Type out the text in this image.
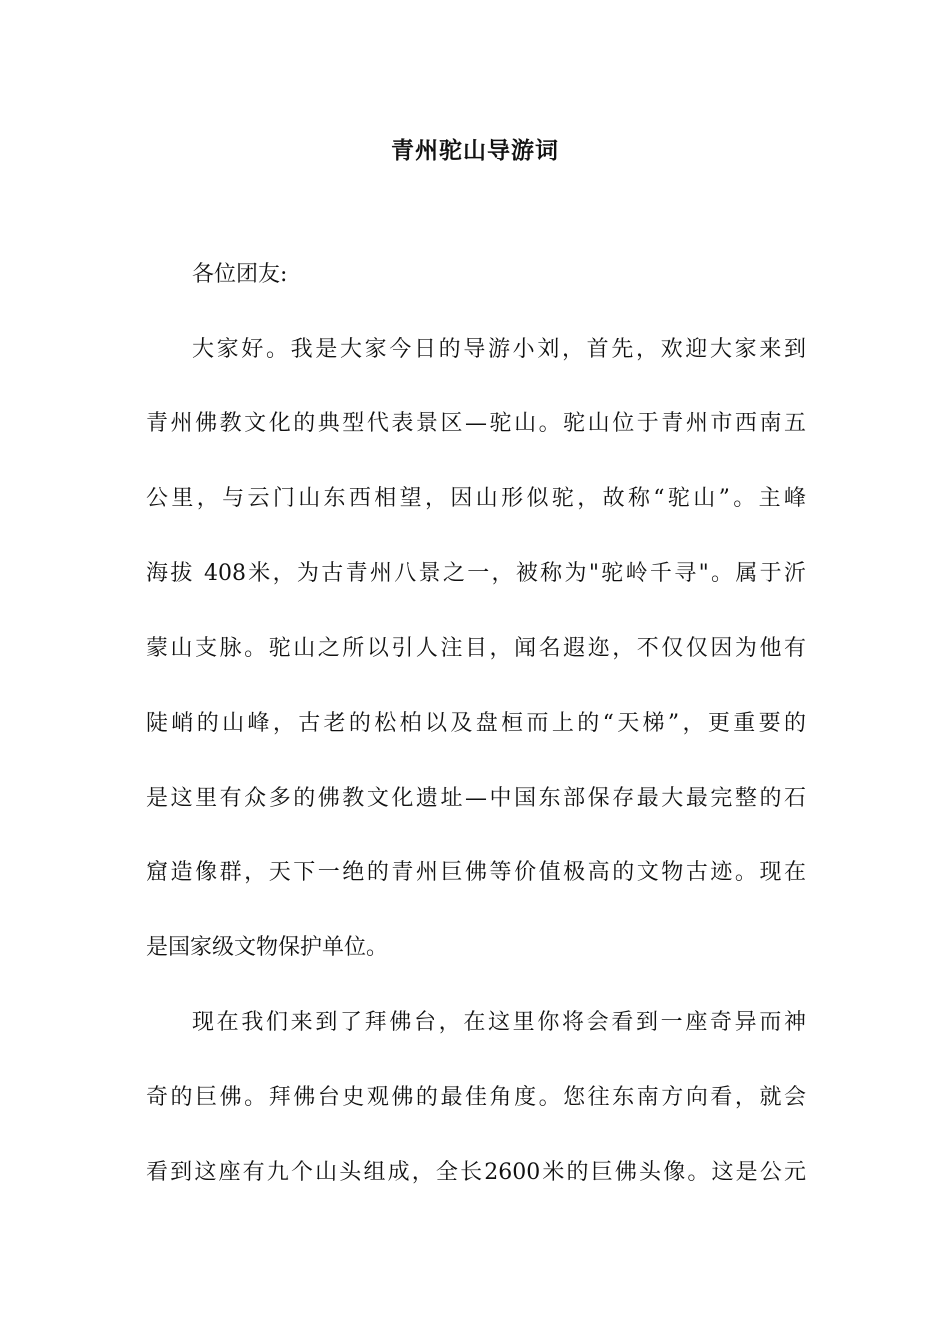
青州驼山导游词
各位团友:
大家好。我是大家今日的导游小刘，首先，欢迎大家来到
青州佛教文化的典型代表景区—驼山。驼山位于青州市西南五
公里，与云门山东西相望，因山形似驼，故称“驼山”。主峰
海拔 408米，为古青州八景之一，被称为"驼岭千寻"。属于沂
蒙山支脉。驼山之所以引人注目，闻名遐迩，不仅仅因为他有
陡峭的山峰，古老的松柏以及盘桓而上的“天梯”，更重要的
是这里有众多的佛教文化遗址—中国东部保存最大最完整的石
窟造像群，天下一绝的青州巨佛等价值极高的文物古迹。现在
是国家级文物保护单位。
现在我们来到了拜佛台，在这里你将会看到一座奇异而神
奇的巨佛。拜佛台史观佛的最佳角度。您往东南方向看，就会
看到这座有九个山头组成，全长2600米的巨佛头像。这是公元
